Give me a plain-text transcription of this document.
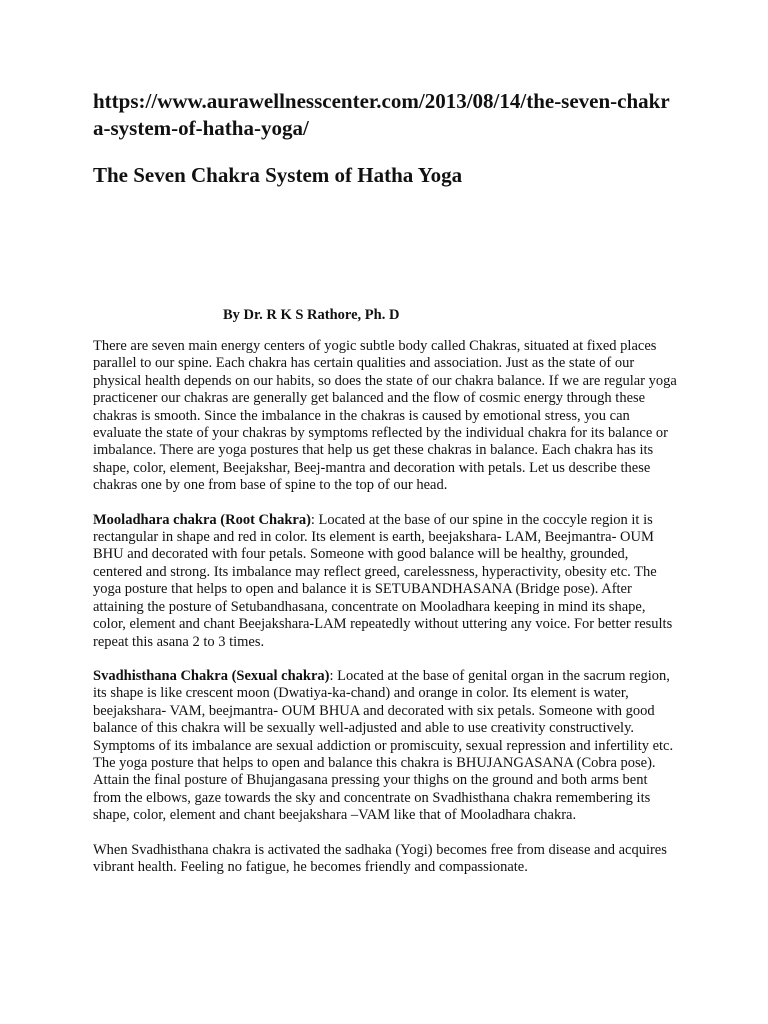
https://www.aurawellnesscenter.com/2013/08/14/the-seven-chakra-system-of-hatha-yoga/
The Seven Chakra System of Hatha Yoga

By Dr. R K S Rathore, Ph. D

There are seven main energy centers of yogic subtle body called Chakras, situated at fixed places parallel to our spine. Each chakra has certain qualities and association. Just as the state of our physical health depends on our habits, so does the state of our chakra balance. If we are regular yoga practicener our chakras are generally get balanced and the flow of cosmic energy through these chakras is smooth. Since the imbalance in the chakras is caused by emotional stress, you can evaluate the state of your chakras by symptoms reflected by the individual chakra for its balance or imbalance. There are yoga postures that help us get these chakras in balance. Each chakra has its shape, color, element, Beejakshar, Beej-mantra and decoration with petals. Let us describe these chakras one by one from base of spine to the top of our head.

Mooladhara chakra (Root Chakra): Located at the base of our spine in the coccyle region it is rectangular in shape and red in color. Its element is earth, beejakshara- LAM, Beejmantra- OUM BHU and decorated with four petals. Someone with good balance will be healthy, grounded, centered and strong. Its imbalance may reflect greed, carelessness, hyperactivity, obesity etc. The yoga posture that helps to open and balance it is SETUBANDHASANA (Bridge pose). After attaining the posture of Setubandhasana, concentrate on Mooladhara keeping in mind its shape, color, element and chant Beejakshara-LAM repeatedly without uttering any voice. For better results repeat this asana 2 to 3 times.

Svadhisthana Chakra (Sexual chakra): Located at the base of genital organ in the sacrum region, its shape is like crescent moon (Dwatiya-ka-chand) and orange in color. Its element is water, beejakshara- VAM, beejmantra- OUM BHUA and decorated with six petals. Someone with good balance of this chakra will be sexually well-adjusted and able to use creativity constructively. Symptoms of its imbalance are sexual addiction or promiscuity, sexual repression and infertility etc. The yoga posture that helps to open and balance this chakra is BHUJANGASANA (Cobra pose). Attain the final posture of Bhujangasana pressing your thighs on the ground and both arms bent from the elbows, gaze towards the sky and concentrate on Svadhisthana chakra remembering its shape, color, element and chant beejakshara –VAM like that of Mooladhara chakra.

When Svadhisthana chakra is activated the sadhaka (Yogi) becomes free from disease and acquires vibrant health. Feeling no fatigue, he becomes friendly and compassionate.
